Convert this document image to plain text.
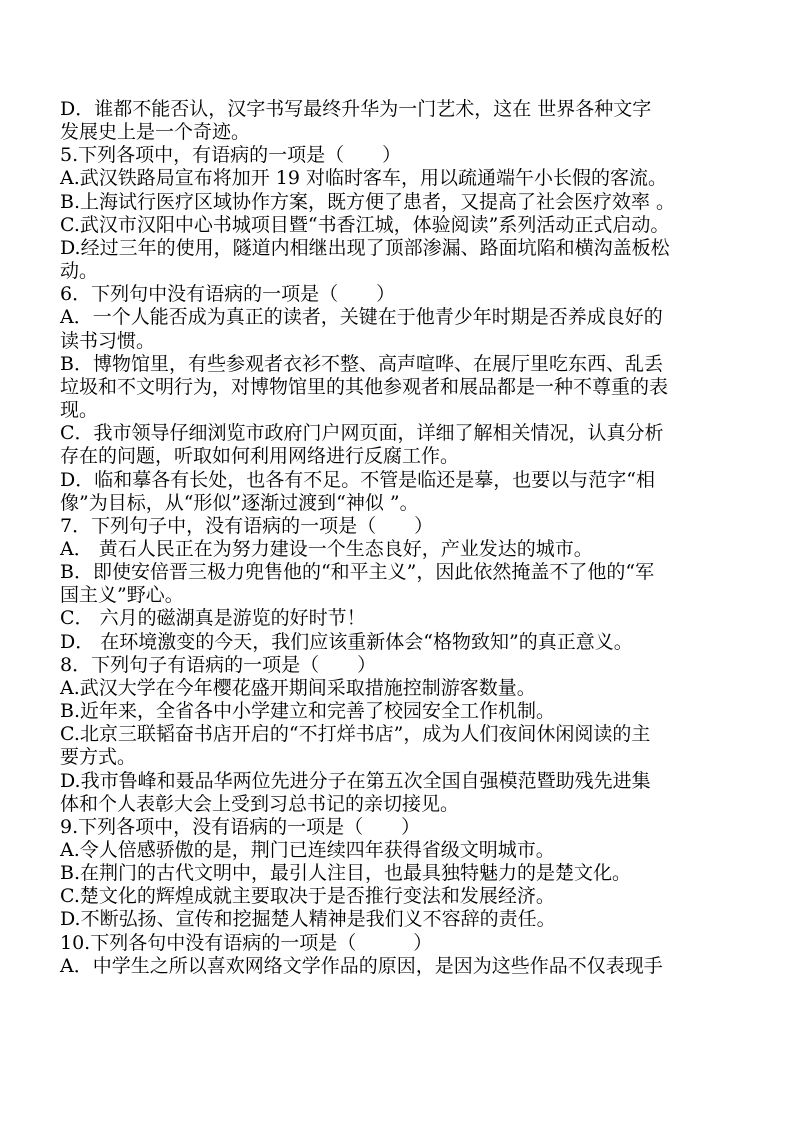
D．谁都不能否认，汉字书写最终升华为一门艺术，这在 世界各种文字
发展史上是一个奇迹。
5.下列各项中，有语病的一项是（　　）
A.武汉铁路局宣布将加开 19 对临时客车，用以疏通端午小长假的客流。
B.上海试行医疗区域协作方案，既方便了患者，又提高了社会医疗效率 。
C.武汉市汉阳中心书城项目暨“书香江城，体验阅读”系列活动正式启动。
D.经过三年的使用，隧道内相继出现了顶部渗漏、路面坑陷和横沟盖板松
动。
6．下列句中没有语病的一项是（　　）
A．一个人能否成为真正的读者，关键在于他青少年时期是否养成良好的
读书习惯。
B．博物馆里，有些参观者衣衫不整、高声喧哗、在展厅里吃东西、乱丢
垃圾和不文明行为，对博物馆里的其他参观者和展品都是一种不尊重的表
现。
C．我市领导仔细浏览市政府门户网页面，详细了解相关情况，认真分析
存在的问题，听取如何利用网络进行反腐工作。
D．临和摹各有长处，也各有不足。不管是临还是摹，也要以与范字“相
像”为目标，从“形似”逐渐过渡到“神似 ”。
7．下列句子中，没有语病的一项是（　　）
A． 黄石人民正在为努力建设一个生态良好，产业发达的城市。
B．即使安倍晋三极力兜售他的“和平主义”，因此依然掩盖不了他的“军
国主义”野心。
C． 六月的磁湖真是游览的好时节！
D． 在环境激变的今天，我们应该重新体会“格物致知”的真正意义。
8．下列句子有语病的一项是（　　）
A.武汉大学在今年樱花盛开期间采取措施控制游客数量。
B.近年来，全省各中小学建立和完善了校园安全工作机制。
C.北京三联韬奋书店开启的“不打烊书店”，成为人们夜间休闲阅读的主
要方式。
D.我市鲁峰和聂品华两位先进分子在第五次全国自强模范暨助残先进集
体和个人表彰大会上受到习总书记的亲切接见。
9.下列各项中，没有语病的一项是（　　）
A.令人倍感骄傲的是，荆门已连续四年获得省级文明城市。
B.在荆门的古代文明中，最引人注目，也最具独特魅力的是楚文化。
C.楚文化的辉煌成就主要取决于是否推行变法和发展经济。
D.不断弘扬、宣传和挖掘楚人精神是我们义不容辞的责任。
10.下列各句中没有语病的一项是（　　　）
A．中学生之所以喜欢网络文学作品的原因，是因为这些作品不仅表现手
